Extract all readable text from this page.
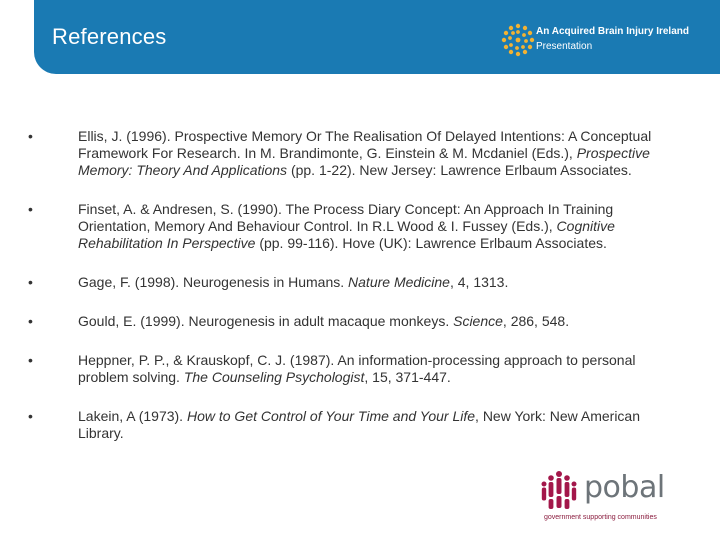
References	An Acquired Brain Injury Ireland
Presentation
•	Ellis, J. (1996). Prospective Memory Or The Realisation Of Delayed Intentions: A Conceptual Framework For Research. In M. Brandimonte, G. Einstein & M. Mcdaniel (Eds.), Prospective Memory: Theory And Applications (pp. 1-22). New Jersey: Lawrence Erlbaum Associates.
•	Finset, A. & Andresen, S. (1990). The Process Diary Concept: An Approach In Training Orientation, Memory And Behaviour Control. In R.L Wood & I. Fussey (Eds.), Cognitive Rehabilitation In Perspective (pp. 99-116). Hove (UK): Lawrence Erlbaum Associates.
•	Gage, F. (1998). Neurogenesis in Humans. Nature Medicine, 4, 1313.
•	Gould, E. (1999). Neurogenesis in adult macaque monkeys. Science, 286, 548.
•	Heppner, P. P., & Krauskopf, C. J. (1987). An information-processing approach to personal problem solving. The Counseling Psychologist, 15, 371-447.
•	Lakein, A (1973). How to Get Control of Your Time and Your Life, New York: New American Library.
pobal
government supporting communities
